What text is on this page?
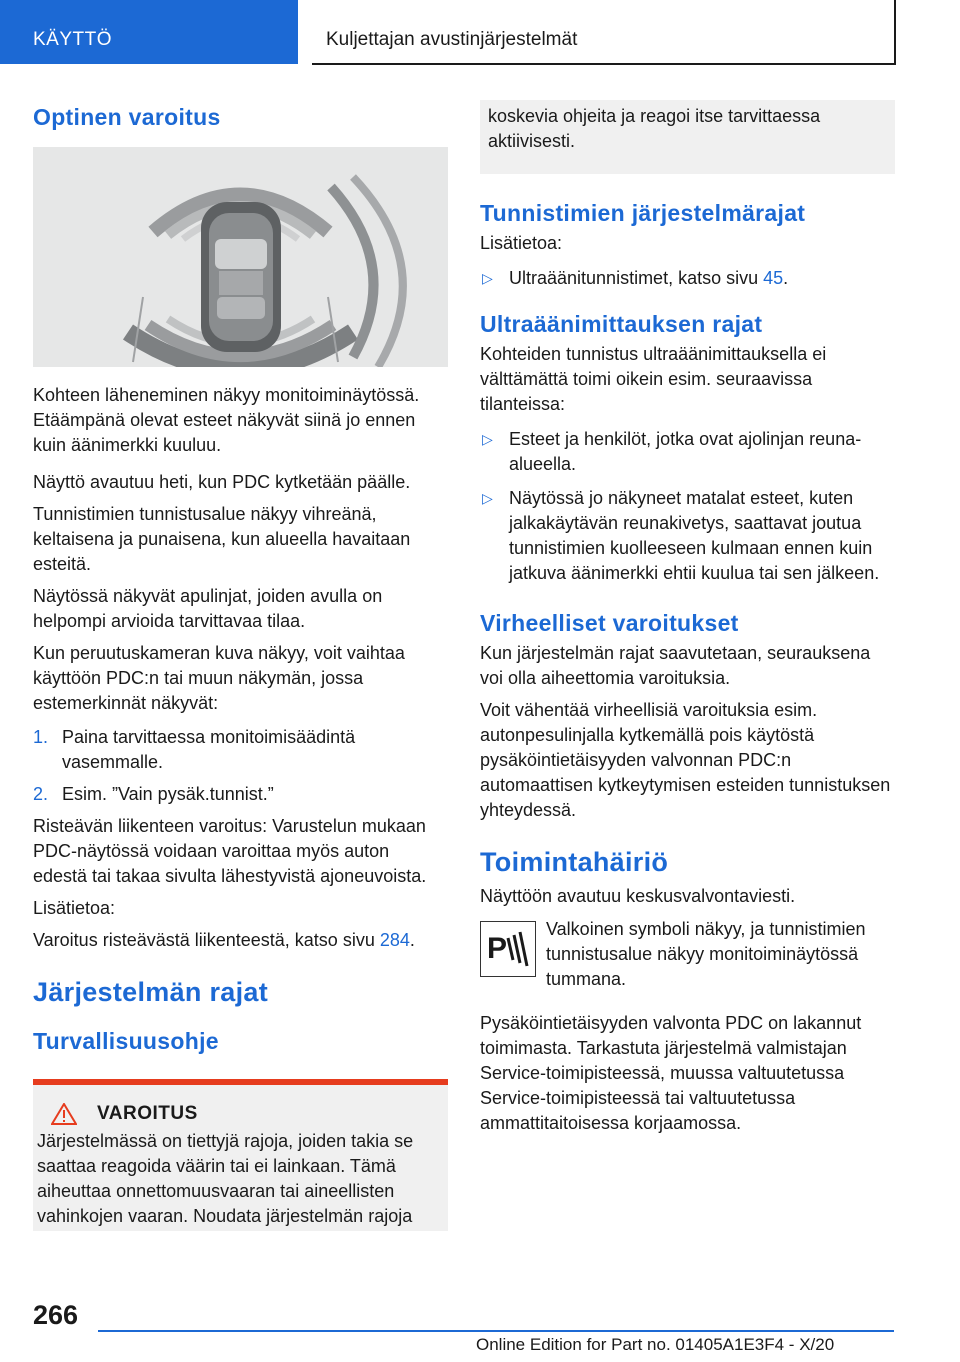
KÄYTTÖ	Kuljettajan avustinjärjestelmät
Optinen varoitus

Kohteen läheneminen näkyy monitoiminäytössä. Etäämpänä olevat esteet näkyvät siinä jo ennen kuin äänimerkki kuuluu.

Näyttö avautuu heti, kun PDC kytketään päälle.

Tunnistimien tunnistusalue näkyy vihreänä, keltaisena ja punaisena, kun alueella havaitaan esteitä.

Näytössä näkyvät apulinjat, joiden avulla on helpompi arvioida tarvittavaa tilaa.

Kun peruutuskameran kuva näkyy, voit vaihtaa käyttöön PDC:n tai muun näkymän, jossa estemerkinnät näkyvät:

1. Paina tarvittaessa monitoimisäädintä vasemmalle.
2. Esim. ”Vain pysäk.tunnist.”

Risteävän liikenteen varoitus: Varustelun mukaan PDC-näytössä voidaan varoittaa myös auton edestä tai takaa sivulta lähestyvistä ajoneuvoista.

Lisätietoa:

Varoitus risteävästä liikenteestä, katso sivu 284.

Järjestelmän rajat
Turvallisuusohje
VAROITUS

Järjestelmässä on tiettyjä rajoja, joiden takia se saattaa reagoida väärin tai ei lainkaan. Tämä aiheuttaa onnettomuusvaaran tai aineellisten vahinkojen vaaran. Noudata järjestelmän rajoja

koskevia ohjeita ja reagoi itse tarvittaessa aktiivisesti.

Tunnistimien järjestelmärajat

Lisätietoa:

▷ Ultraäänitunnistimet, katso sivu 45.
Ultraäänimittauksen rajat

Kohteiden tunnistus ultraäänimittauksella ei välttämättä toimi oikein esim. seuraavissa tilanteissa:

▷ Esteet ja henkilöt, jotka ovat ajolinjan reuna-alueella.
▷ Näytössä jo näkyneet matalat esteet, kuten jalkakäytävän reunakivetys, saattavat joutua tunnistimien kuolleeseen kulmaan ennen kuin jatkuva äänimerkki ehtii kuulua tai sen jälkeen.
Virheelliset varoitukset

Kun järjestelmän rajat saavutetaan, seurauksena voi olla aiheettomia varoituksia.

Voit vähentää virheellisiä varoituksia esim. autonpesulinjalla kytkemällä pois käytöstä pysäköintietäisyyden valvonnan PDC:n automaattisen kytkeytymisen esteiden tunnistuksen yhteydessä.

Toimintahäiriö

Näyttöön avautuu keskusvalvontaviesti.

P

Valkoinen symboli näkyy, ja tunnistimien tunnistusalue näkyy monitoiminäytössä tummana.

Pysäköintietäisyyden valvonta PDC on lakannut toimimasta. Tarkastuta järjestelmä valmistajan Service-toimipisteessä, muussa valtuutetussa Service-toimipisteessä tai valtuutetussa ammattitaitoisessa korjaamossa.

266
Online Edition for Part no. 01405A1E3F4 - X/20
